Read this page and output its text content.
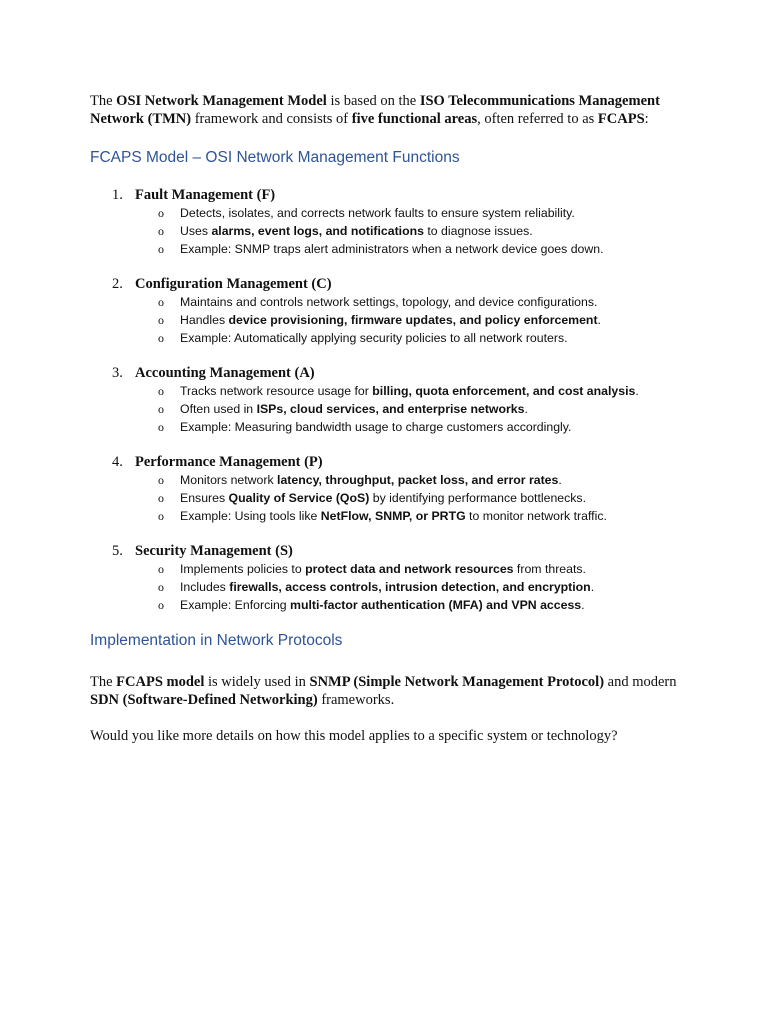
The OSI Network Management Model is based on the ISO Telecommunications Management Network (TMN) framework and consists of five functional areas, often referred to as FCAPS:

FCAPS Model – OSI Network Management Functions
1. Fault Management (F)
o Detects, isolates, and corrects network faults to ensure system reliability.
o Uses alarms, event logs, and notifications to diagnose issues.
o Example: SNMP traps alert administrators when a network device goes down.
2. Configuration Management (C)
o Maintains and controls network settings, topology, and device configurations.
o Handles device provisioning, firmware updates, and policy enforcement.
o Example: Automatically applying security policies to all network routers.
3. Accounting Management (A)
o Tracks network resource usage for billing, quota enforcement, and cost analysis.
o Often used in ISPs, cloud services, and enterprise networks.
o Example: Measuring bandwidth usage to charge customers accordingly.
4. Performance Management (P)
o Monitors network latency, throughput, packet loss, and error rates.
o Ensures Quality of Service (QoS) by identifying performance bottlenecks.
o Example: Using tools like NetFlow, SNMP, or PRTG to monitor network traffic.
5. Security Management (S)
o Implements policies to protect data and network resources from threats.
o Includes firewalls, access controls, intrusion detection, and encryption.
o Example: Enforcing multi-factor authentication (MFA) and VPN access.
Implementation in Network Protocols

The FCAPS model is widely used in SNMP (Simple Network Management Protocol) and modern SDN (Software-Defined Networking) frameworks.

Would you like more details on how this model applies to a specific system or technology?
